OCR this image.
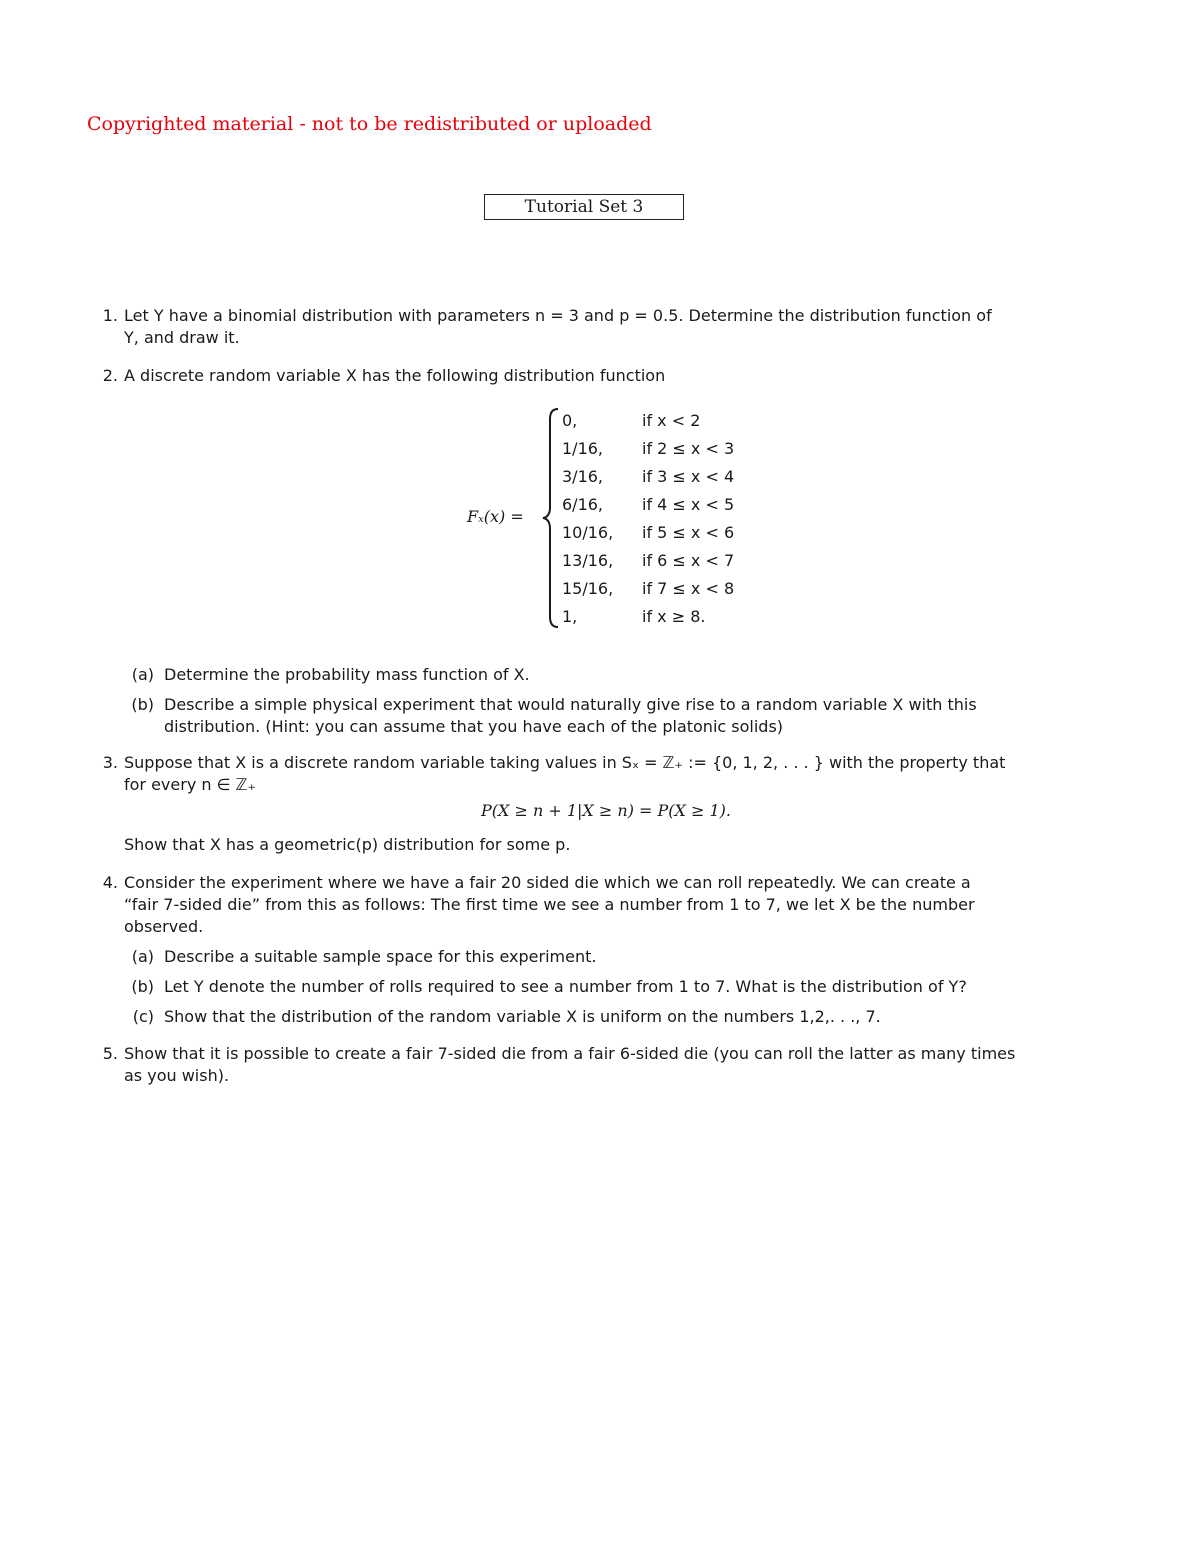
Copyrighted material - not to be redistributed or uploaded
Tutorial Set 3
1. Let Y have a binomial distribution with parameters n = 3 and p = 0.5. Determine the distribution function of
Y, and draw it.
2. A discrete random variable X has the following distribution function
Fₓ(x) =
0,	if x < 2
1/16, if 2 ≤ x < 3
3/16, if 3 ≤ x < 4
6/16, if 4 ≤ x < 5
10/16, if 5 ≤ x < 6
13/16, if 6 ≤ x < 7
15/16, if 7 ≤ x < 8
1,	if x ≥ 8.
(a) Determine the probability mass function of X.
(b) Describe a simple physical experiment that would naturally give rise to a random variable X with this
distribution. (Hint: you can assume that you have each of the platonic solids)
3. Suppose that X is a discrete random variable taking values in Sₓ = ℤ₊ := {0, 1, 2, . . . } with the property that
for every n ∈ ℤ₊
P(X ≥ n + 1|X ≥ n) = P(X ≥ 1).
Show that X has a geometric(p) distribution for some p.
4. Consider the experiment where we have a fair 20 sided die which we can roll repeatedly. We can create a
“fair 7-sided die” from this as follows: The first time we see a number from 1 to 7, we let X be the number
observed.
(a) Describe a suitable sample space for this experiment.
(b) Let Y denote the number of rolls required to see a number from 1 to 7. What is the distribution of Y?
(c) Show that the distribution of the random variable X is uniform on the numbers 1,2,. . ., 7.
5. Show that it is possible to create a fair 7-sided die from a fair 6-sided die (you can roll the latter as many times
as you wish).
